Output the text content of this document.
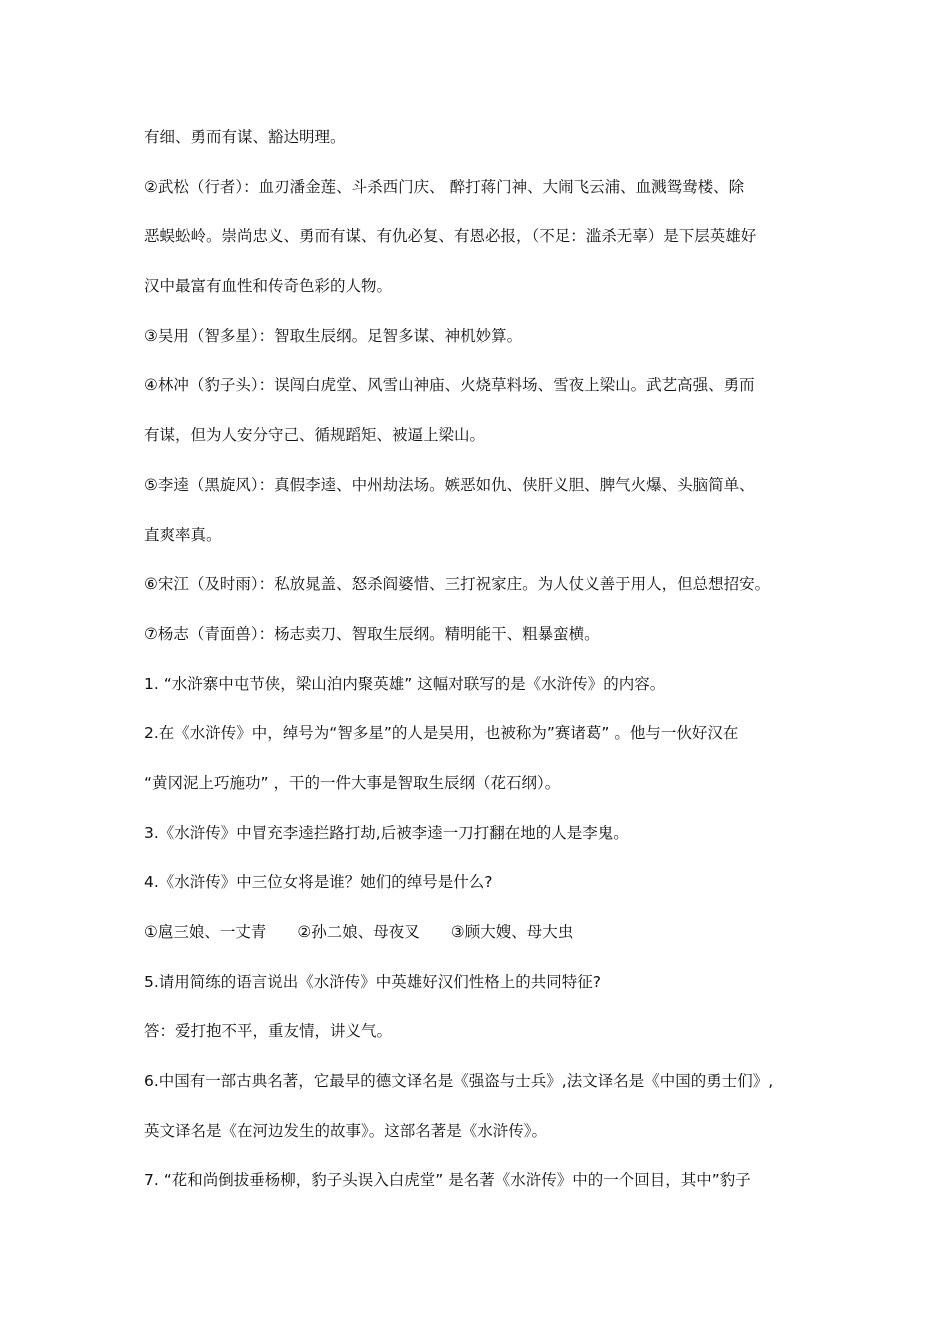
有细、勇而有谋、豁达明理。
②武松（行者）：血刃潘金莲、斗杀西门庆、 醉打蒋门神、大闹飞云浦、血溅鸳鸯楼、除
恶蜈蚣岭。崇尚忠义、勇而有谋、有仇必复、有恩必报，（不足：滥杀无辜）是下层英雄好
汉中最富有血性和传奇色彩的人物。
③吴用（智多星）：智取生辰纲。足智多谋、神机妙算。
④林冲（豹子头）：误闯白虎堂、风雪山神庙、火烧草料场、雪夜上梁山。武艺高强、勇而
有谋，但为人安分守己、循规蹈矩、被逼上梁山。
⑤李逵（黑旋风）：真假李逵、中州劫法场。嫉恶如仇、侠肝义胆、脾气火爆、头脑简单、
直爽率真。
⑥宋江（及时雨）：私放晁盖、怒杀阎婆惜、三打祝家庄。为人仗义善于用人，但总想招安。
⑦杨志（青面兽）：杨志卖刀、智取生辰纲。精明能干、粗暴蛮横。
1. “水浒寨中屯节侠，梁山泊内聚英雄” 这幅对联写的是《水浒传》的内容。
2.在《水浒传》中，绰号为“智多星”的人是吴用，也被称为”赛诸葛” 。他与一伙好汉在
“黄冈泥上巧施功” ，干的一件大事是智取生辰纲（花石纲）。
3.《水浒传》中冒充李逵拦路打劫,后被李逵一刀打翻在地的人是李鬼。
4.《水浒传》中三位女将是谁？她们的绰号是什么?
①扈三娘、一丈青　　②孙二娘、母夜叉　　③顾大嫂、母大虫
5.请用简练的语言说出《水浒传》中英雄好汉们性格上的共同特征?
答：爱打抱不平，重友情，讲义气。
6.中国有一部古典名著，它最早的德文译名是《强盗与士兵》,法文译名是《中国的勇士们》,
英文译名是《在河边发生的故事》。这部名著是《水浒传》。
7. “花和尚倒拔垂杨柳，豹子头误入白虎堂” 是名著《水浒传》中的一个回目，其中”豹子
